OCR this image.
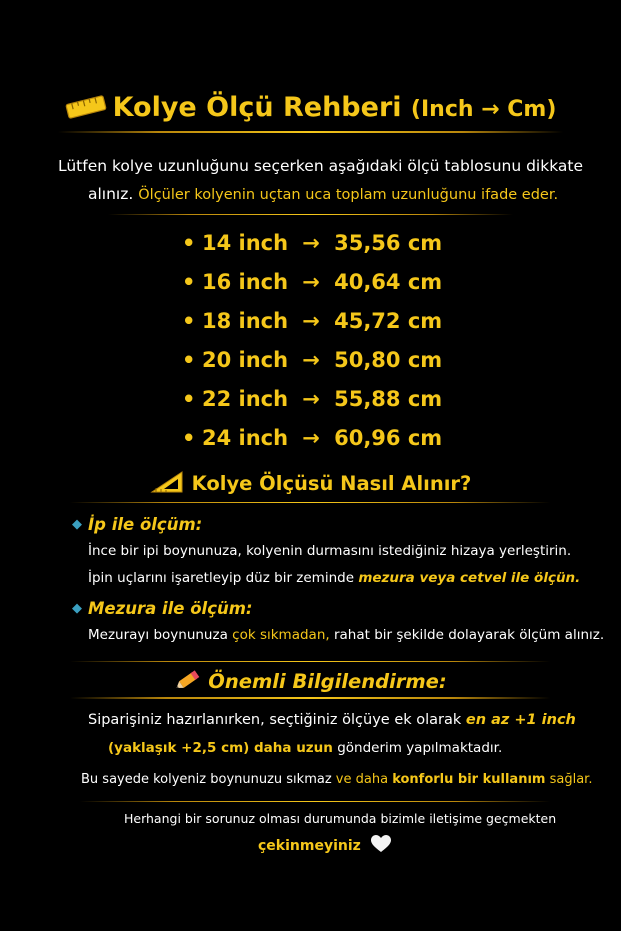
Kolye Ölçü Rehberi (Inch → Cm)
Lütfen kolye uzunluğunu seçerken aşağıdaki ölçü tablosunu dikkate
alınız. Ölçüler kolyenin uçtan uca toplam uzunluğunu ifade eder.
• 14 inch → 35,56 cm
• 16 inch → 40,64 cm
• 18 inch → 45,72 cm
• 20 inch → 50,80 cm
• 22 inch → 55,88 cm
• 24 inch → 60,96 cm
Kolye Ölçüsü Nasıl Alınır?
◆ İp ile ölçüm:
İnce bir ipi boynunuza, kolyenin durmasını istediğiniz hizaya yerleştirin.
İpin uçlarını işaretleyip düz bir zeminde mezura veya cetvel ile ölçün.
◆ Mezura ile ölçüm:
Mezurayı boynunuza çok sıkmadan, rahat bir şekilde dolayarak ölçüm alınız.
Önemli Bilgilendirme:
Siparişiniz hazırlanırken, seçtiğiniz ölçüye ek olarak en az +1 inch
(yaklaşık +2,5 cm) daha uzun gönderim yapılmaktadır.
Bu sayede kolyeniz boynunuzu sıkmaz ve daha konforlu bir kullanım sağlar.
Herhangi bir sorunuz olması durumunda bizimle iletişime geçmekten
çekinmeyiniz
